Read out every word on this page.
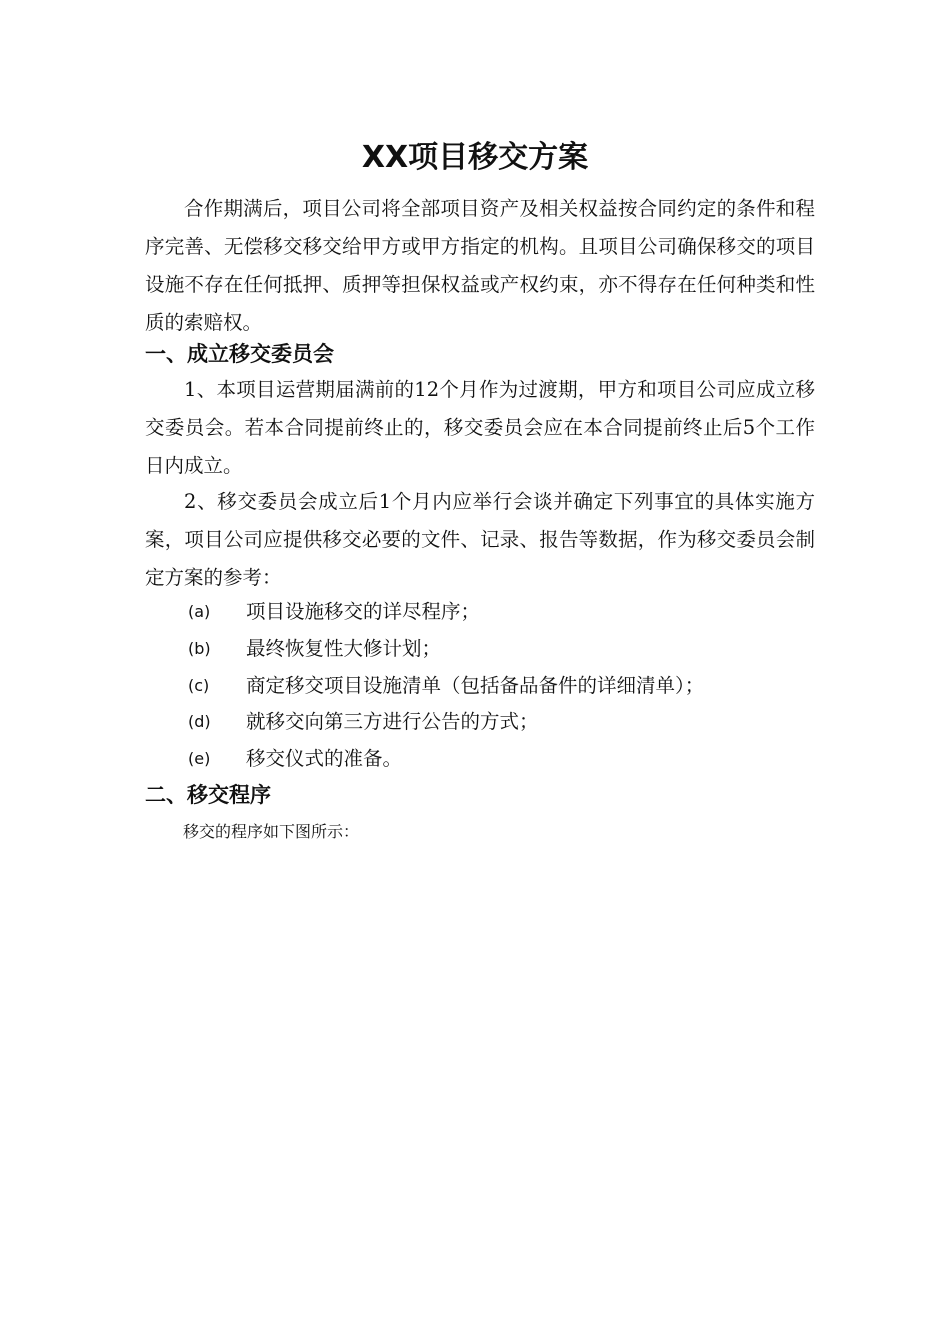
XX项目移交方案

合作期满后，项目公司将全部项目资产及相关权益按合同约定的条件和程序完善、无偿移交移交给甲方或甲方指定的机构。且项目公司确保移交的项目设施不存在任何抵押、质押等担保权益或产权约束，亦不得存在任何种类和性质的索赔权。

一、成立移交委员会

1、本项目运营期届满前的12个月作为过渡期，甲方和项目公司应成立移交委员会。若本合同提前终止的，移交委员会应在本合同提前终止后5个工作日内成立。

2、移交委员会成立后1个月内应举行会谈并确定下列事宜的具体实施方案，项目公司应提供移交必要的文件、记录、报告等数据，作为移交委员会制定方案的参考：

(a)	项目设施移交的详尽程序；
(b)	最终恢复性大修计划；
(c)	商定移交项目设施清单（包括备品备件的详细清单）；
(d)	就移交向第三方进行公告的方式；
(e)	移交仪式的准备。
二、移交程序

移交的程序如下图所示：
